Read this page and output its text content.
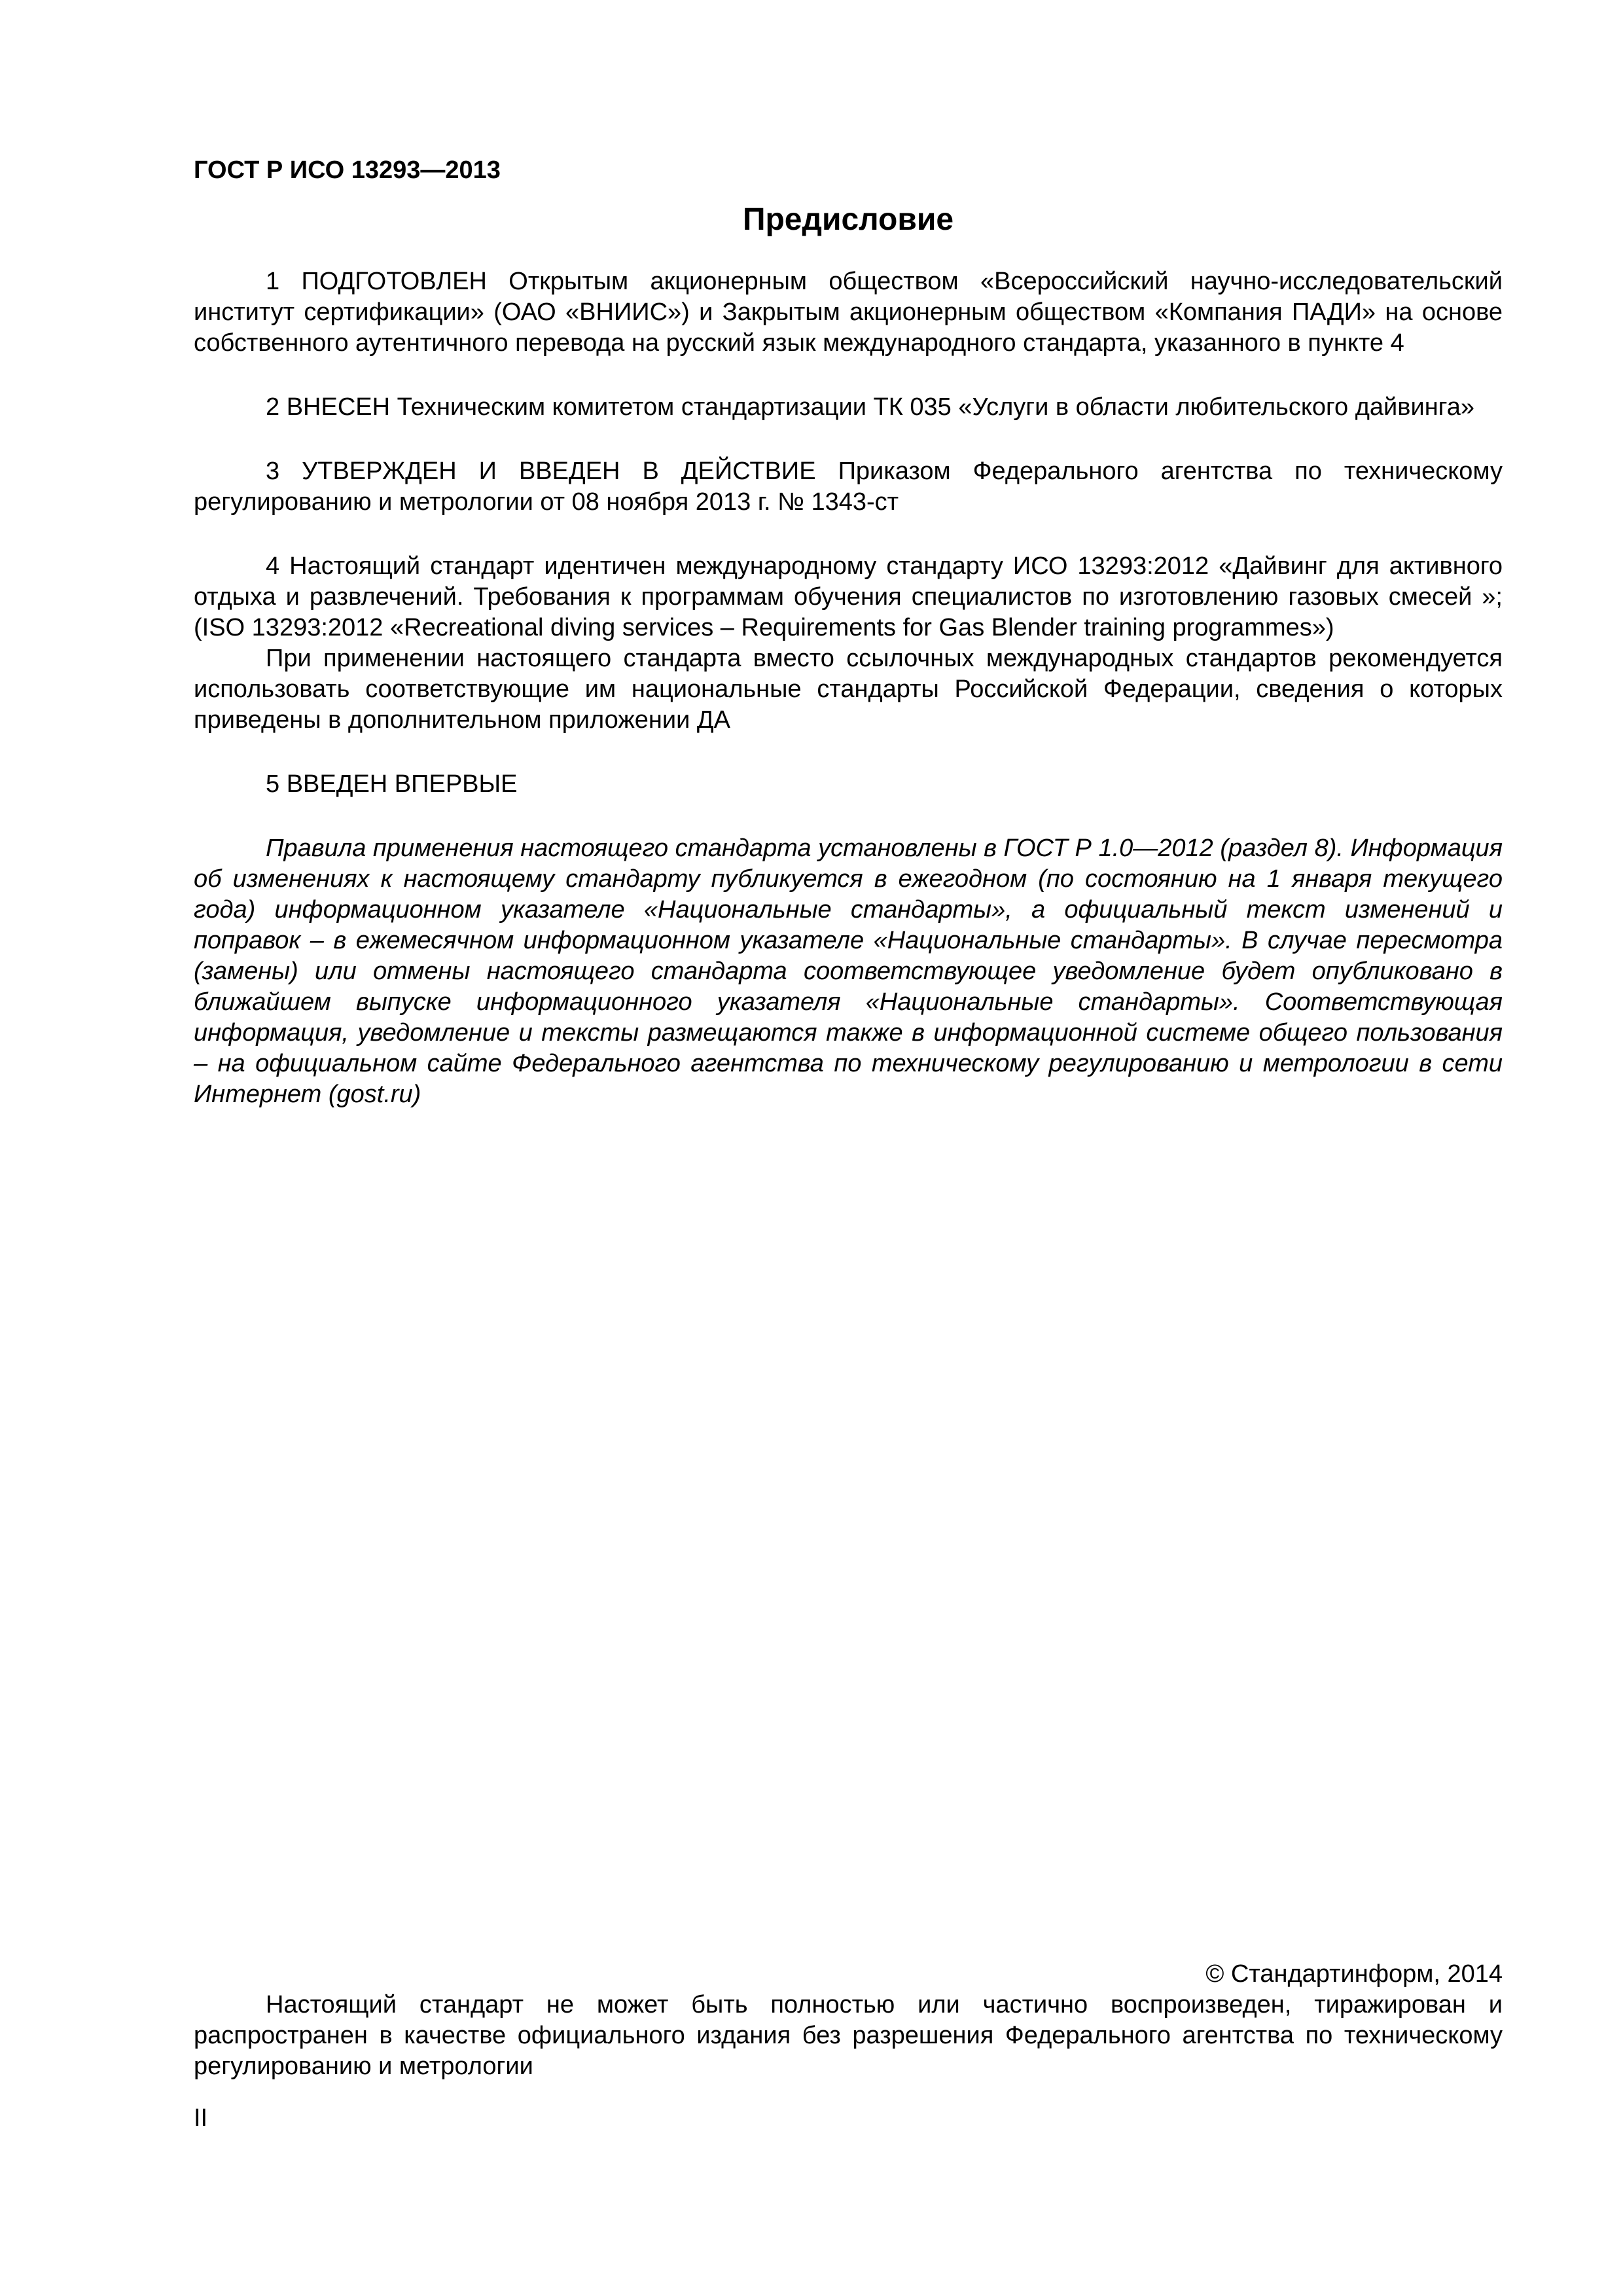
ГОСТ Р ИСО 13293—2013
Предисловие

1 ПОДГОТОВЛЕН Открытым акционерным обществом «Всероссийский научно-исследовательский институт сертификации» (ОАО «ВНИИС») и Закрытым акционерным обществом «Компания ПАДИ» на основе собственного аутентичного перевода на русский язык международного стандарта, указанного в пункте 4

2 ВНЕСЕН Техническим комитетом стандартизации ТК 035 «Услуги в области любительского дайвинга»

3 УТВЕРЖДЕН И ВВЕДЕН В ДЕЙСТВИЕ Приказом Федерального агентства по техническому регулированию и метрологии от 08 ноября 2013 г. № 1343-ст

4 Настоящий стандарт идентичен международному стандарту ИСО 13293:2012 «Дайвинг для активного отдыха и развлечений. Требования к программам обучения специалистов по изготовлению газовых смесей »; (ISO 13293:2012 «Recreational diving services – Requirements for Gas Blender training programmes»)

При применении настоящего стандарта вместо ссылочных международных стандартов рекомендуется использовать соответствующие им национальные стандарты Российской Федерации, сведения о которых приведены в дополнительном приложении ДА

5 ВВЕДЕН ВПЕРВЫЕ

Правила применения настоящего стандарта установлены в ГОСТ Р 1.0—2012 (раздел 8). Информация об изменениях к настоящему стандарту публикуется в ежегодном (по состоянию на 1 января текущего года) информационном указателе «Национальные стандарты», а официальный текст изменений и поправок – в ежемесячном информационном указателе «Национальные стандарты». В случае пересмотра (замены) или отмены настоящего стандарта соответствующее уведомление будет опубликовано в ближайшем выпуске информационного указателя «Национальные стандарты». Соответствующая информация, уведомление и тексты размещаются также в информационной системе общего пользования – на официальном сайте Федерального агентства по техническому регулированию и метрологии в сети Интернет (gost.ru)

© Стандартинформ, 2014

Настоящий стандарт не может быть полностью или частично воспроизведен, тиражирован и распространен в качестве официального издания без разрешения Федерального агентства по техническому регулированию и метрологии

II
